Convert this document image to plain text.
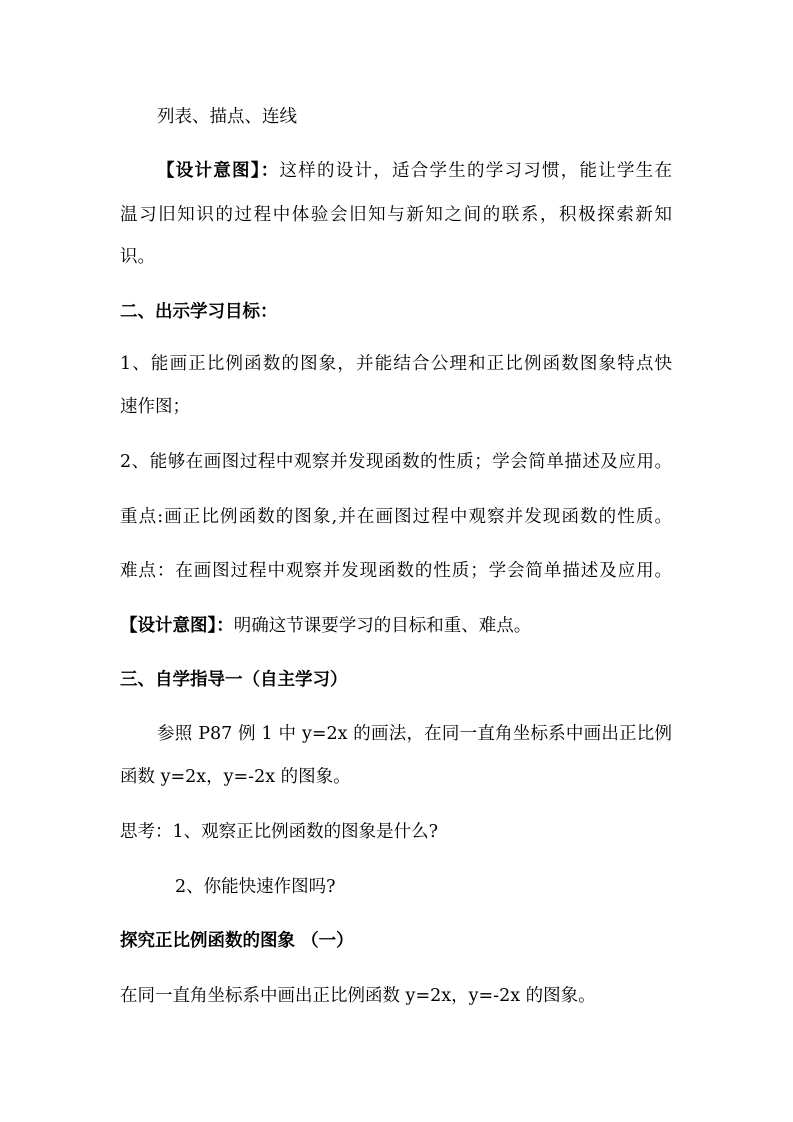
列表、描点、连线
【设计意图】：这样的设计，适合学生的学习习惯，能让学生在
温习旧知识的过程中体验会旧知与新知之间的联系，积极探索新知
识。
二、出示学习目标：
1、能画正比例函数的图象，并能结合公理和正比例函数图象特点快
速作图；
2、能够在画图过程中观察并发现函数的性质；学会简单描述及应用。
重点:画正比例函数的图象,并在画图过程中观察并发现函数的性质。
难点：在画图过程中观察并发现函数的性质；学会简单描述及应用。
【设计意图】：明确这节课要学习的目标和重、难点。
三、自学指导一（自主学习）
参照 P87 例 1 中 y=2x 的画法，在同一直角坐标系中画出正比例
函数 y=2x，y=-2x 的图象。
思考：1、观察正比例函数的图象是什么?
2、你能快速作图吗?
探究正比例函数的图象 （一）
在同一直角坐标系中画出正比例函数 y=2x，y=-2x 的图象。
